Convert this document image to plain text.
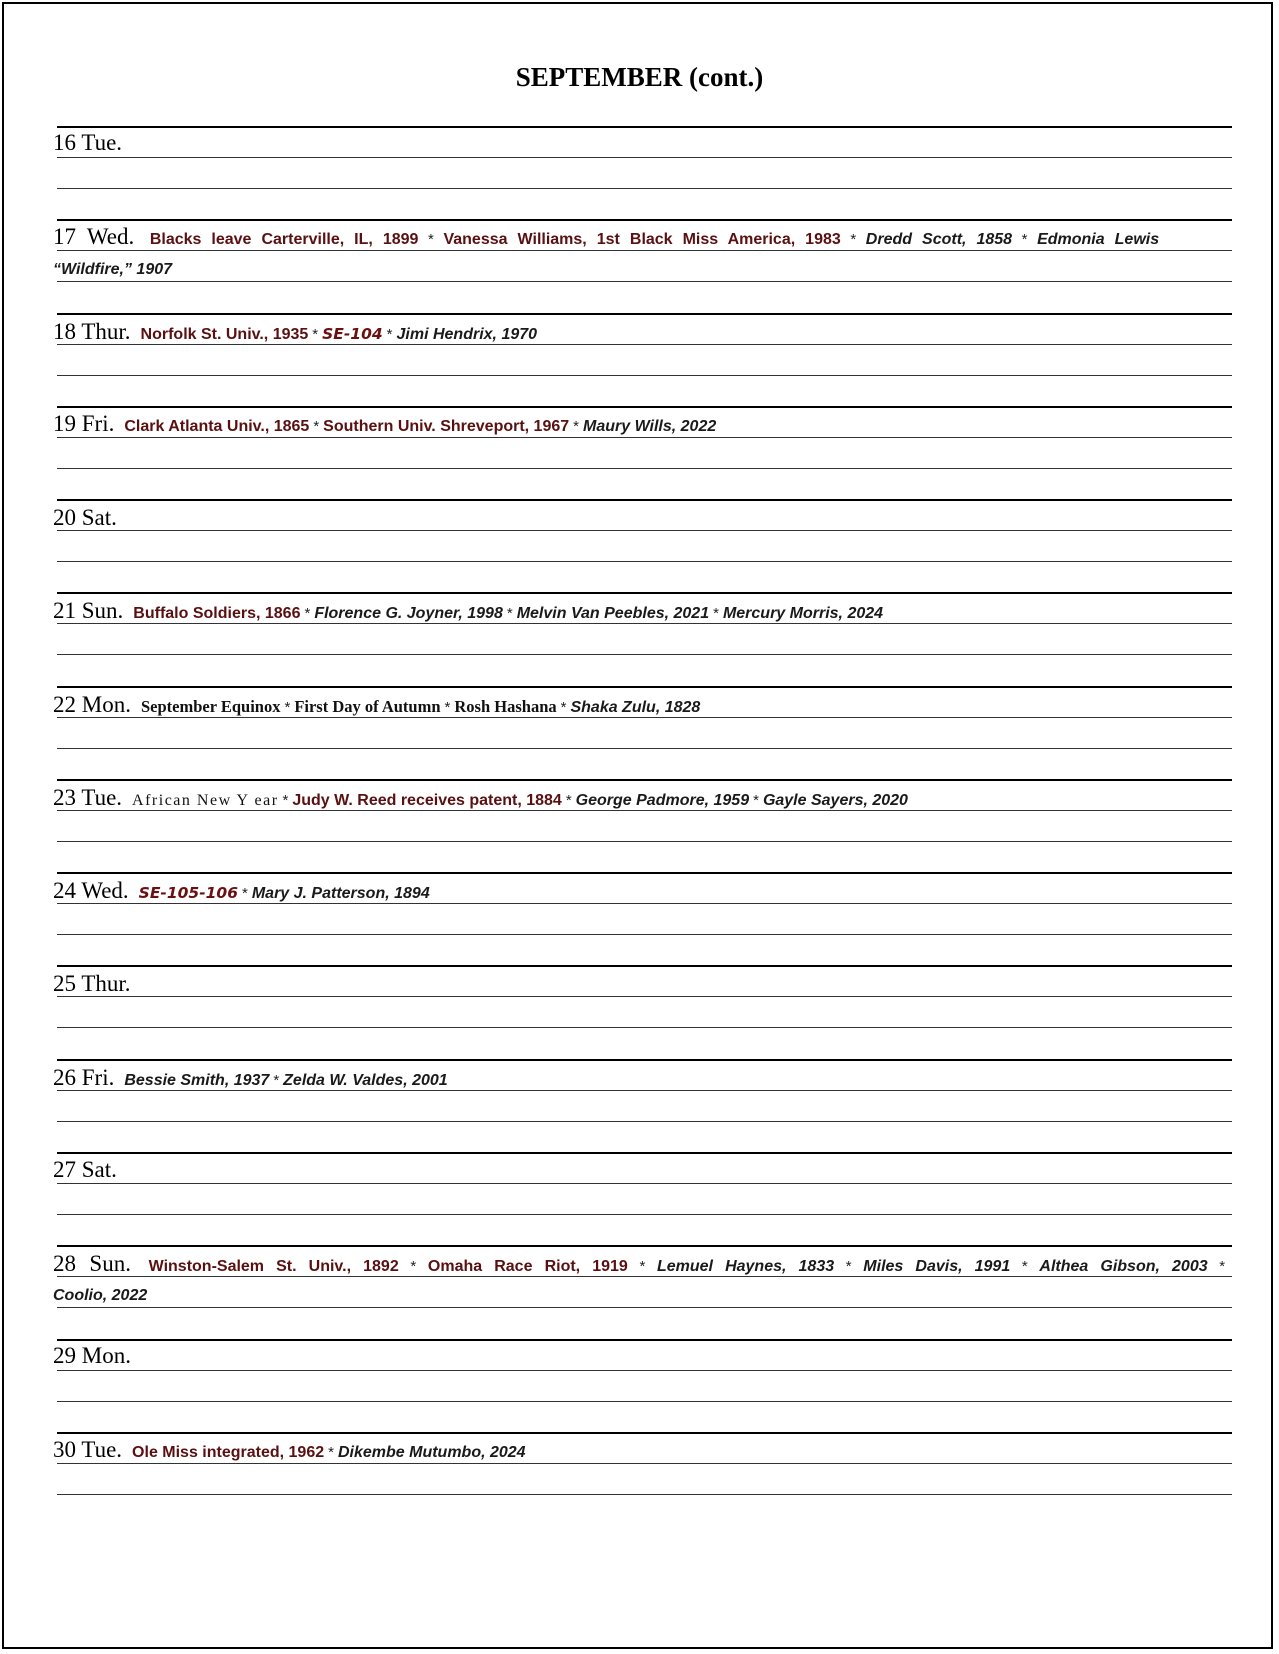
SEPTEMBER (cont.)
16 Tue.
17 Wed. Blacks leave Carterville, IL, 1899 * Vanessa Williams, 1st Black Miss America, 1983 * Dredd Scott, 1858 * Edmonia Lewis
“Wildfire,” 1907
18 Thur. Norfolk St. Univ., 1935 * SE-104 * Jimi Hendrix, 1970
19 Fri. Clark Atlanta Univ., 1865 * Southern Univ. Shreveport, 1967 * Maury Wills, 2022
20 Sat.
21 Sun. Buffalo Soldiers, 1866 * Florence G. Joyner, 1998 * Melvin Van Peebles, 2021 * Mercury Morris, 2024
22 Mon. September Equinox * First Day of Autumn * Rosh Hashana * Shaka Zulu, 1828
23 Tue. African New Y ear * Judy W. Reed receives patent, 1884 * George Padmore, 1959 * Gayle Sayers, 2020
24 Wed. SE-105-106 * Mary J. Patterson, 1894
25 Thur.
26 Fri. Bessie Smith, 1937 * Zelda W. Valdes, 2001
27 Sat.
28 Sun. Winston-Salem St. Univ., 1892 * Omaha Race Riot, 1919 * Lemuel Haynes, 1833 * Miles Davis, 1991 * Althea Gibson, 2003 *
Coolio, 2022
29 Mon.
30 Tue. Ole Miss integrated, 1962 * Dikembe Mutumbo, 2024
